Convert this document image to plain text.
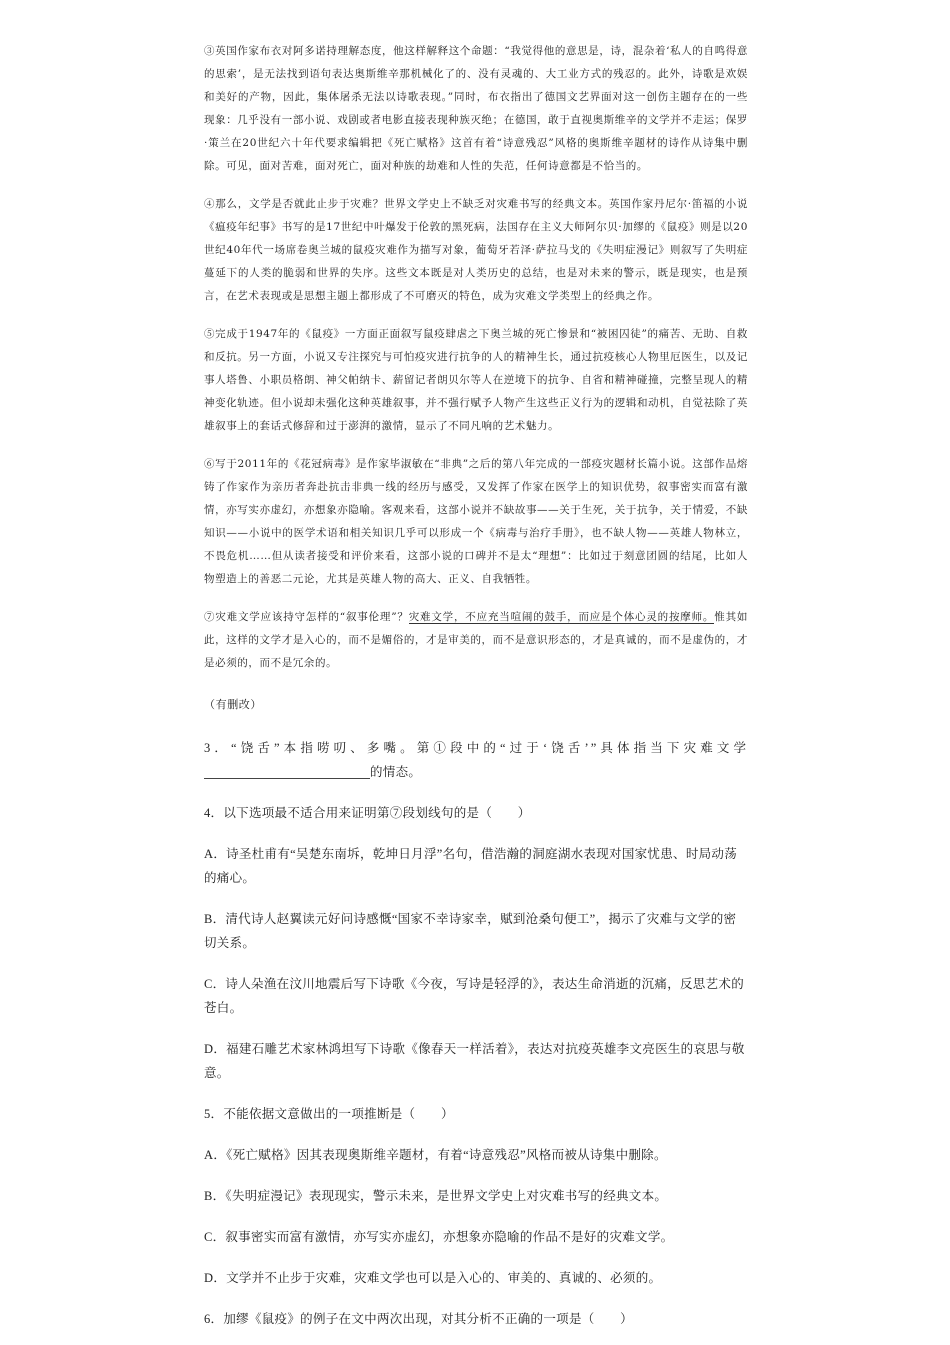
③英国作家布衣对阿多诺持理解态度，他这样解释这个命题：“我觉得他的意思是，诗，混杂着‘私人的自鸣得意的思索’，是无法找到语句表达奥斯维辛那机械化了的、没有灵魂的、大工业方式的残忍的。此外，诗歌是欢娱和美好的产物，因此，集体屠杀无法以诗歌表现。”同时，布衣指出了德国文艺界面对这一创伤主题存在的一些现象：几乎没有一部小说、戏剧或者电影直接表现种族灭绝；在德国，敢于直视奥斯维辛的文学并不走运；保罗·策兰在20世纪六十年代要求编辑把《死亡赋格》这首有着“诗意残忍”风格的奥斯维辛题材的诗作从诗集中删除。可见，面对苦难，面对死亡，面对种族的劫难和人性的失范，任何诗意都是不恰当的。

④那么，文学是否就此止步于灾难？世界文学史上不缺乏对灾难书写的经典文本。英国作家丹尼尔·笛福的小说《瘟疫年纪事》书写的是17世纪中叶爆发于伦敦的黑死病，法国存在主义大师阿尔贝·加缪的《鼠疫》则是以20世纪40年代一场席卷奥兰城的鼠疫灾难作为描写对象，葡萄牙若泽·萨拉马戈的《失明症漫记》则叙写了失明症蔓延下的人类的脆弱和世界的失序。这些文本既是对人类历史的总结，也是对未来的警示，既是现实，也是预言，在艺术表现或是思想主题上都形成了不可磨灭的特色，成为灾难文学类型上的经典之作。

⑤完成于1947年的《鼠疫》一方面正面叙写鼠疫肆虐之下奥兰城的死亡惨景和“被困囚徒”的痛苦、无助、自救和反抗。另一方面，小说又专注探究与可怕疫灾进行抗争的人的精神生长，通过抗疫核心人物里厄医生，以及记事人塔鲁、小职员格朗、神父帕纳卡、薪留记者朗贝尔等人在逆境下的抗争、自省和精神碰撞，完整呈现人的精神变化轨迹。但小说却未强化这种英雄叙事，并不强行赋予人物产生这些正义行为的逻辑和动机，自觉祛除了英雄叙事上的套话式修辞和过于澎湃的激情，显示了不同凡响的艺术魅力。

⑥写于2011年的《花冠病毒》是作家毕淑敏在“非典”之后的第八年完成的一部疫灾题材长篇小说。这部作品熔铸了作家作为亲历者奔赴抗击非典一线的经历与感受，又发挥了作家在医学上的知识优势，叙事密实而富有激情，亦写实亦虚幻，亦想象亦隐喻。客观来看，这部小说并不缺故事——关于生死，关于抗争，关于情爱，不缺知识——小说中的医学术语和相关知识几乎可以形成一个《病毒与治疗手册》，也不缺人物——英雄人物林立，不畏危机……但从读者接受和评价来看，这部小说的口碑并不是太“理想”：比如过于刻意团圆的结尾，比如人物塑造上的善恶二元论，尤其是英雄人物的高大、正义、自我牺牲。

⑦灾难文学应该持守怎样的“叙事伦理”？灾难文学，不应充当喧闹的鼓手，而应是个体心灵的按摩师。惟其如此，这样的文学才是入心的，而不是媚俗的，才是审美的，而不是意识形态的，才是真诚的，而不是虚伪的，才是必须的，而不是冗余的。

（有删改）

3．“饶舌”本指唠叨、多嘴。第①段中的“过于‘饶舌’”具体指当下灾难文学

的情态。

4．以下选项最不适合用来证明第⑦段划线句的是（　　）

A．诗圣杜甫有“吴楚东南坼，乾坤日月浮”名句，借浩瀚的洞庭湖水表现对国家忧患、时局动荡的痛心。

B．清代诗人赵翼读元好问诗感慨“国家不幸诗家幸，赋到沧桑句便工”，揭示了灾难与文学的密切关系。

C．诗人朵渔在汶川地震后写下诗歌《今夜，写诗是轻浮的》，表达生命消逝的沉痛，反思艺术的苍白。

D．福建石雕艺术家林鸿坦写下诗歌《像春天一样活着》，表达对抗疫英雄李文亮医生的哀思与敬意。

5．不能依据文意做出的一项推断是（　　）

A．《死亡赋格》因其表现奥斯维辛题材，有着“诗意残忍”风格而被从诗集中删除。

B．《失明症漫记》表现现实，警示未来，是世界文学史上对灾难书写的经典文本。

C．叙事密实而富有激情，亦写实亦虚幻，亦想象亦隐喻的作品不是好的灾难文学。

D．文学并不止步于灾难，灾难文学也可以是入心的、审美的、真诚的、必须的。

6．加缪《鼠疫》的例子在文中两次出现，对其分析不正确的一项是（　　）
